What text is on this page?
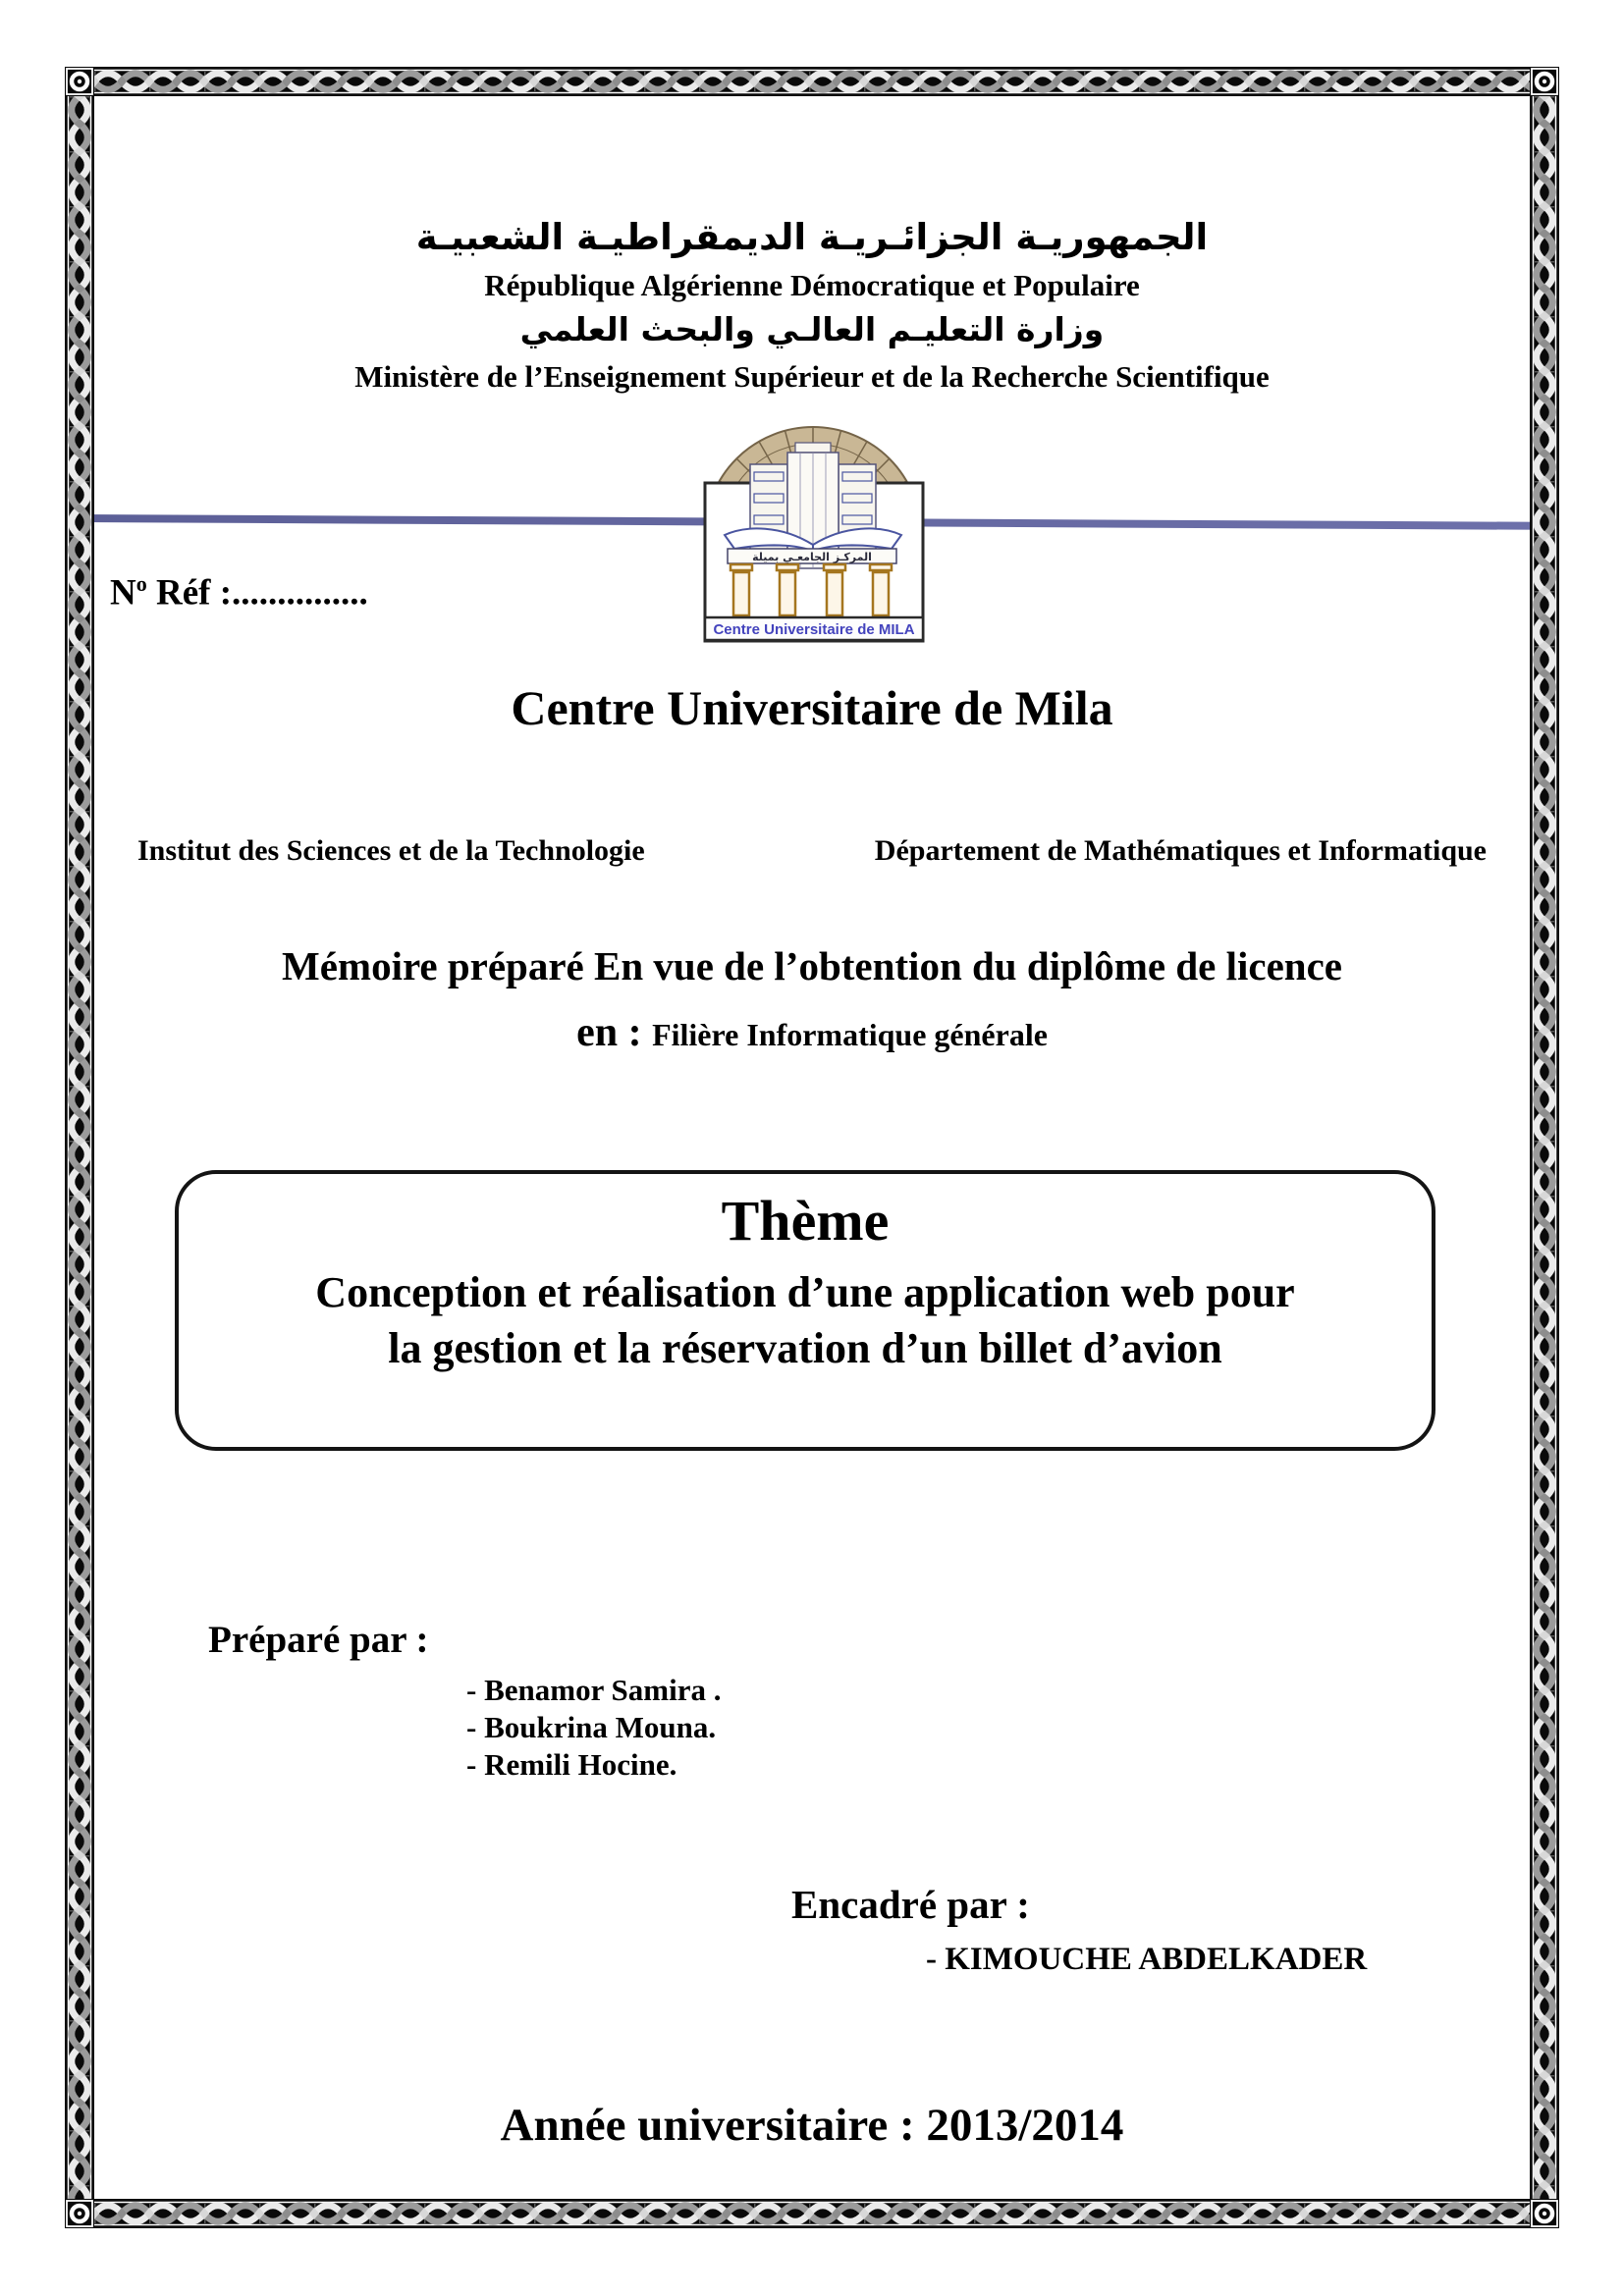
الجمهوريـة الجزائـريـة الديمقراطيـة الشعبيـة
République Algérienne Démocratique et Populaire
وزارة التعليـم العالـي والبحث العلمي
Ministère de l’Enseignement Supérieur et de la Recherche Scientifique
المركـز الجامعـي بميلة
Centre Universitaire de MILA
$N^o$ Réf :...............
Centre Universitaire de Mila
Institut des Sciences et de la Technologie	Département de Mathématiques et Informatique
Mémoire préparé En vue de l’obtention du diplôme de licence
en : Filière Informatique générale
Thème
Conception et réalisation d’une application web pour
la gestion et la réservation d’un billet d’avion
Préparé par :
- Benamor Samira .
- Boukrina Mouna.
- Remili Hocine.
Encadré par :
- KIMOUCHE ABDELKADER
Année universitaire : 2013/2014
